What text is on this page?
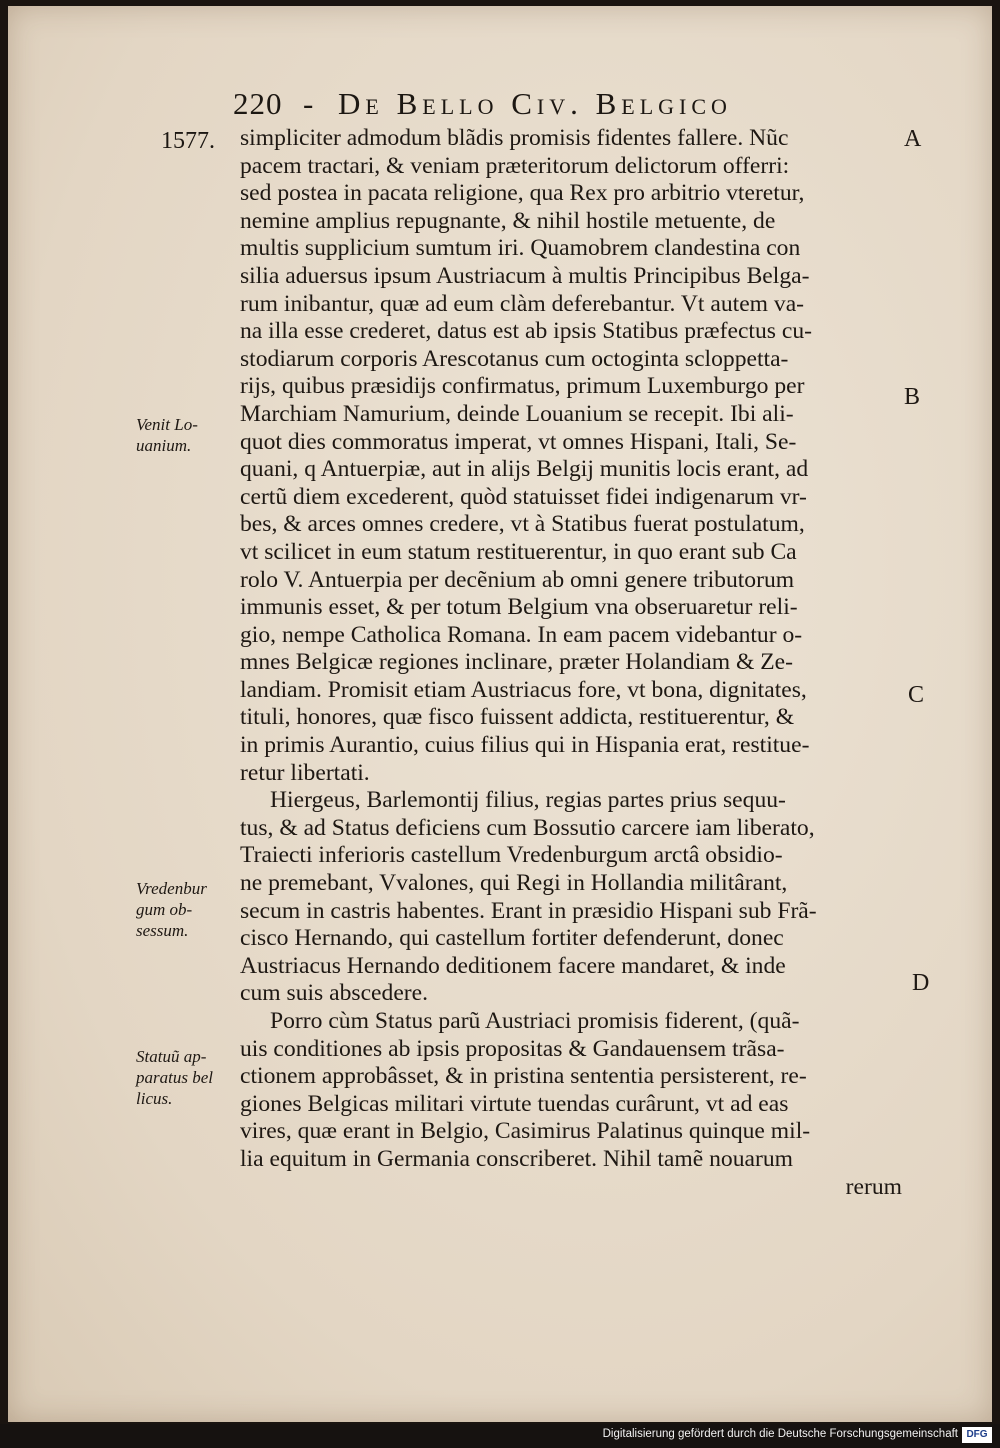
220 - De Bello Civ. Belgico
1577. simpliciter admodum blãdis promisis fidentes fallere. Nũc
pacem tractari, & veniam præteritorum delictorum offerri:
sed postea in pacata religione, qua Rex pro arbitrio vteretur,
nemine amplius repugnante, & nihil hostile metuente, de
multis supplicium sumtum iri. Quamobrem clandestina con
silia aduersus ipsum Austriacum à multis Principibus Belga-
rum inibantur, quæ ad eum clàm deferebantur. Vt autem va-
na illa esse crederet, datus est ab ipsis Statibus præfectus cu-
stodiarum corporis Arescotanus cum octoginta scloppetta-
rijs, quibus præsidijs confirmatus, primum Luxemburgo per
Marchiam Namurium, deinde Louanium se recepit. Ibi ali-
quot dies commoratus imperat, vt omnes Hispani, Itali, Se-
quani, q Antuerpiæ, aut in alijs Belgij munitis locis erant, ad
certũ diem excederent, quòd statuisset fidei indigenarum vr-
bes, & arces omnes credere, vt à Statibus fuerat postulatum,
vt scilicet in eum statum restituerentur, in quo erant sub Ca
rolo V. Antuerpia per decẽnium ab omni genere tributorum
immunis esset, & per totum Belgium vna obseruaretur reli-
gio, nempe Catholica Romana. In eam pacem videbantur o-
mnes Belgicæ regiones inclinare, præter Holandiam & Ze-
landiam. Promisit etiam Austriacus fore, vt bona, dignitates,
tituli, honores, quæ fisco fuissent addicta, restituerentur, &
in primis Aurantio, cuius filius qui in Hispania erat, restitue-
retur libertati.
Hiergeus, Barlemontij filius, regias partes prius sequu-
tus, & ad Status deficiens cum Bossutio carcere iam liberato,
Traiecti inferioris castellum Vredenburgum arctâ obsidio-
ne premebant, Vvalones, qui Regi in Hollandia militârant,
secum in castris habentes. Erant in præsidio Hispani sub Frã-
cisco Hernando, qui castellum fortiter defenderunt, donec
Austriacus Hernando deditionem facere mandaret, & inde
cum suis abscedere.
Porro cùm Status parũ Austriaci promisis fiderent, (quã-
uis conditiones ab ipsis propositas & Gandauensem trãsa-
ctionem approbâsset, & in pristina sententia persisterent, re-
giones Belgicas militari virtute tuendas curârunt, vt ad eas
vires, quæ erant in Belgio, Casimirus Palatinus quinque mil-
lia equitum in Germania conscriberet. Nihil tamẽ nouarum
rerum
Venit Lo-
uanium.
Vredenbur
gum ob-
sessum.
Statuũ ap-
paratus bel
licus.
A
B
C
D
Digitalisierung gefördert durch die Deutsche Forschungsgemeinschaft DFG
